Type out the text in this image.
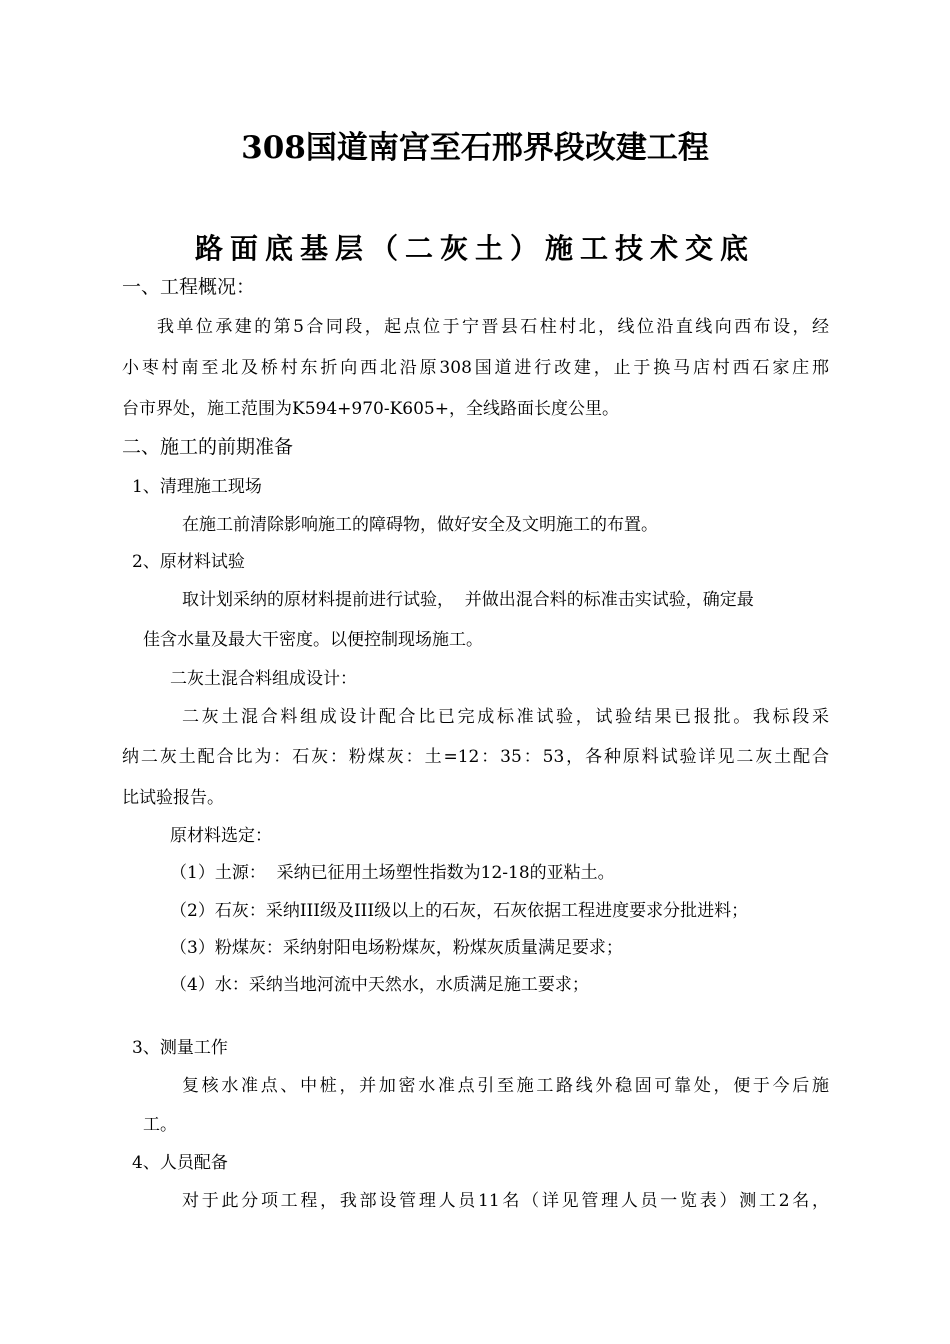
308国道南宫至石邢界段改建工程
路面底基层（二灰土）施工技术交底
一、工程概况：
我单位承建的第5合同段，起点位于宁晋县石柱村北，线位沿直线向西布设，经
小枣村南至北及桥村东折向西北沿原308国道进行改建，止于换马店村西石家庄邢
台市界处，施工范围为K594+970-K605+，全线路面长度公里。
二、施工的前期准备
1、清理施工现场
在施工前清除影响施工的障碍物，做好安全及文明施工的布置。
2、原材料试验
取计划采纳的原材料提前进行试验，  并做出混合料的标准击实试验，确定最
佳含水量及最大干密度。以便控制现场施工。
二灰土混合料组成设计：
二灰土混合料组成设计配合比已完成标准试验，试验结果已报批。我标段采
纳二灰土配合比为：石灰：粉煤灰：土=12：35：53，各种原料试验详见二灰土配合
比试验报告。
原材料选定：
（1）土源：  采纳已征用土场塑性指数为12-18的亚粘土。
（2）石灰：采纳III级及III级以上的石灰，石灰依据工程进度要求分批进料；
（3）粉煤灰：采纳射阳电场粉煤灰，粉煤灰质量满足要求；
（4）水：采纳当地河流中天然水，水质满足施工要求；
3、测量工作
复核水准点、中桩，并加密水准点引至施工路线外稳固可靠处，便于今后施
工。
4、人员配备
对于此分项工程，我部设管理人员11名（详见管理人员一览表）测工2名，
